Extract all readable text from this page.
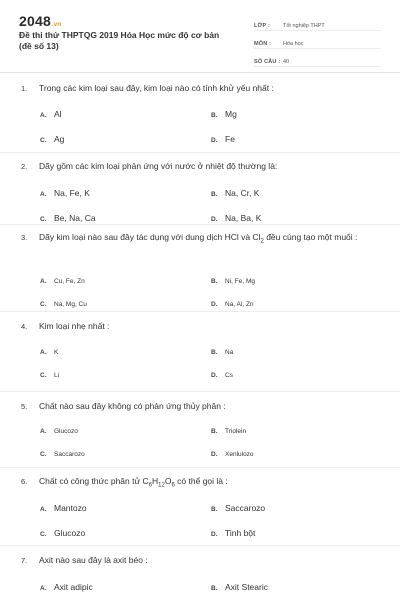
2048.vn
Đề thi thử THPTQG 2019 Hóa Học mức độ cơ bản (đề số 13)
LỚP :	Tốt nghiệp THPT
MÔN :	Hóa học
SỐ CÂU : 40
1. Trong các kim loại sau đây, kim loại nào có tính khử yếu nhất :
A. Al	B. Mg
C. Ag	D. Fe
2. Dãy gồm các kim loại phản ứng với nước ở nhiệt độ thường là:
A. Na, Fe, K	B. Na, Cr, K
C. Be, Na, Ca	D. Na, Ba, K
3. Dãy kim loại nào sau đây tác dụng với dung dịch HCl và $Cl_2$ đều cùng tạo một muối :
A. Cu, Fe, Zn	B. Ni, Fe, Mg
C. Na, Mg, Cu	D. Na, Al, Zn
4. Kim loại nhẹ nhất :
A. K	B. Na
C. Li	D. Cs
5. Chất nào sau đây không có phản ứng thủy phân :
A. Glucozo	B. Triolein
C. Saccarozo	D. Xenlulozo
6. Chất có công thức phân tử $C_6H_{12}O_6$ có thể gọi là :
A. Mantozo	B. Saccarozo
C. Glucozo	D. Tinh bột
7. Axit nào sau đây là axit béo :
A. Axit adipic	B. Axit Stearic
